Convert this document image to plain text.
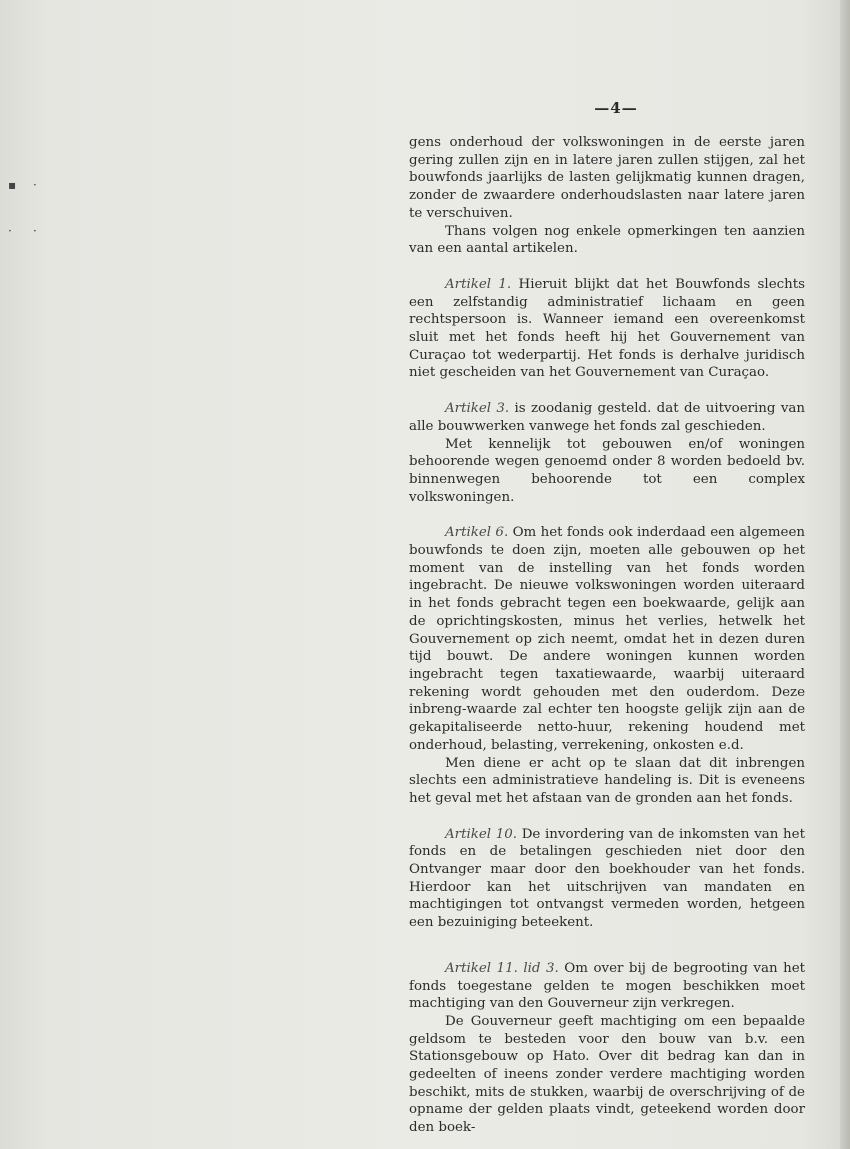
▪ ·
· ·
—4—

gens onderhoud der volkswoningen in de eerste jaren gering zullen zijn en in latere jaren zullen stijgen, zal het bouwfonds jaarlijks de lasten gelijkmatig kunnen dragen, zonder de zwaardere onderhoudslasten naar latere jaren te verschuiven.

Thans volgen nog enkele opmerkingen ten aanzien van een aantal artikelen.

Artikel 1. Hieruit blijkt dat het Bouwfonds slechts een zelfstandig administratief lichaam en geen rechtspersoon is. Wanneer iemand een overeenkomst sluit met het fonds heeft hij het Gouvernement van Curaçao tot wederpartij. Het fonds is derhalve juridisch niet gescheiden van het Gouvernement van Curaçao.

Artikel 3. is zoodanig gesteld. dat de uitvoering van alle bouwwerken vanwege het fonds zal geschieden.

Met kennelijk tot gebouwen en/of woningen behoorende wegen genoemd onder 8 worden bedoeld bv. binnenwegen behoorende tot een complex volkswoningen.

Artikel 6. Om het fonds ook inderdaad een algemeen bouwfonds te doen zijn, moeten alle gebouwen op het moment van de instelling van het fonds worden ingebracht. De nieuwe volkswoningen worden uiteraard in het fonds gebracht tegen een boekwaarde, gelijk aan de oprichtingskosten, minus het verlies, hetwelk het Gouvernement op zich neemt, omdat het in dezen duren tijd bouwt. De andere woningen kunnen worden ingebracht tegen taxatiewaarde, waarbij uiteraard rekening wordt gehouden met den ouderdom. Deze inbreng-waarde zal echter ten hoogste gelijk zijn aan de gekapitaliseerde netto-huur, rekening houdend met onderhoud, belasting, verrekening, onkosten e.d.

Men diene er acht op te slaan dat dit inbrengen slechts een administratieve handeling is. Dit is eveneens het geval met het afstaan van de gronden aan het fonds.

Artikel 10. De invordering van de inkomsten van het fonds en de betalingen geschieden niet door den Ontvanger maar door den boekhouder van het fonds. Hierdoor kan het uitschrijven van mandaten en machtigingen tot ontvangst vermeden worden, hetgeen een bezuiniging beteekent.

Artikel 11. lid 3. Om over bij de begrooting van het fonds toegestane gelden te mogen beschikken moet machtiging van den Gouverneur zijn verkregen.

De Gouverneur geeft machtiging om een bepaalde geldsom te besteden voor den bouw van b.v. een Stationsgebouw op Hato. Over dit bedrag kan dan in gedeelten of ineens zonder verdere machtiging worden beschikt, mits de stukken, waarbij de overschrijving of de opname der gelden plaats vindt, geteekend worden door den boek-
